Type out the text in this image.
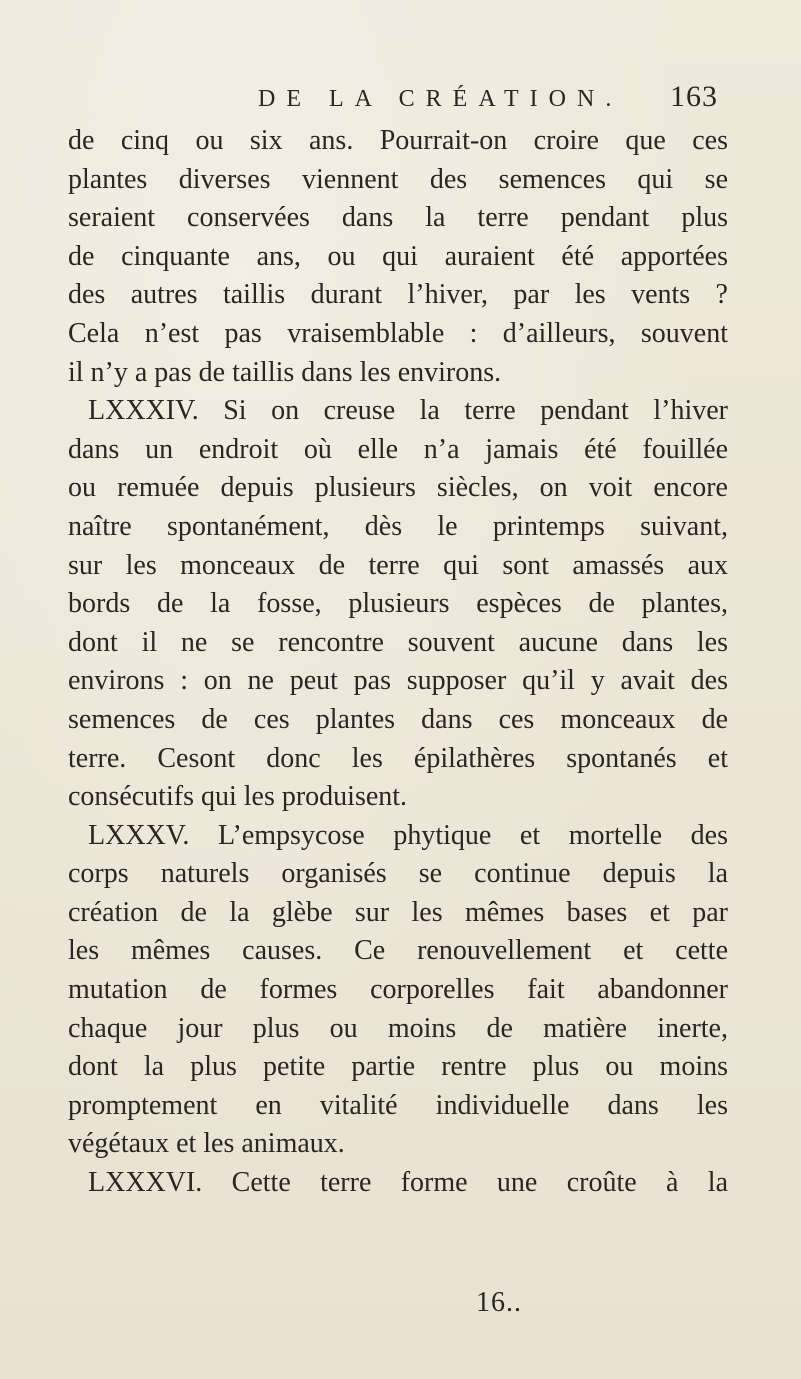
DE LA CRÉATION. 163
de cinq ou six ans. Pourrait-on croire que ces
plantes diverses viennent des semences qui se
seraient conservées dans la terre pendant plus
de cinquante ans, ou qui auraient été apportées
des autres taillis durant l’hiver, par les vents ?
Cela n’est pas vraisemblable : d’ailleurs, souvent
il n’y a pas de taillis dans les environs.
LXXXIV. Si on creuse la terre pendant l’hiver
dans un endroit où elle n’a jamais été fouillée
ou remuée depuis plusieurs siècles, on voit encore
naître spontanément, dès le printemps suivant,
sur les monceaux de terre qui sont amassés aux
bords de la fosse, plusieurs espèces de plantes,
dont il ne se rencontre souvent aucune dans les
environs : on ne peut pas supposer qu’il y avait des
semences de ces plantes dans ces monceaux de
terre. Cesont donc les épilathères spontanés et
consécutifs qui les produisent.
LXXXV. L’empsycose phytique et mortelle des
corps naturels organisés se continue depuis la
création de la glèbe sur les mêmes bases et par
les mêmes causes. Ce renouvellement et cette
mutation de formes corporelles fait abandonner
chaque jour plus ou moins de matière inerte,
dont la plus petite partie rentre plus ou moins
promptement en vitalité individuelle dans les
végétaux et les animaux.
LXXXVI. Cette terre forme une croûte à la
16..
